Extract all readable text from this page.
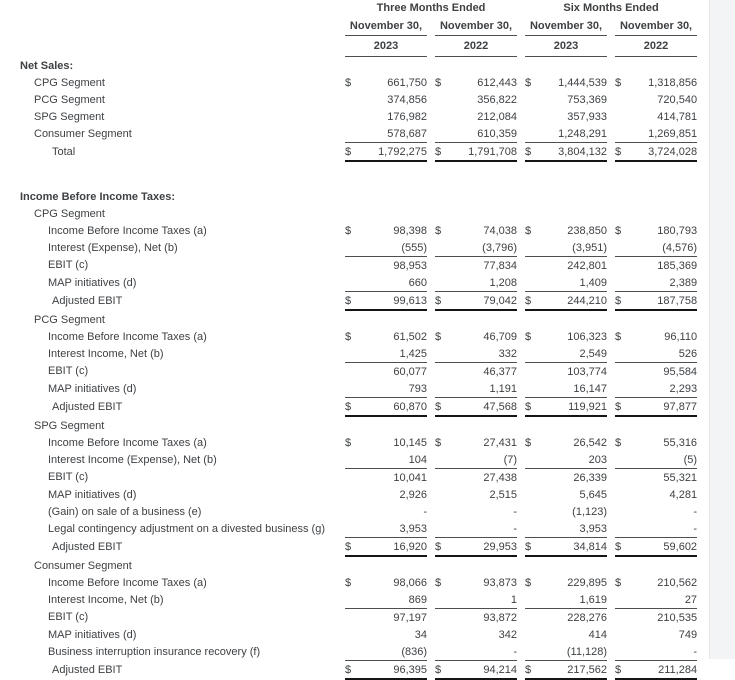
	Three Months Ended						Six Months Ended				
	November 30,			November 30,			November 30,			November 30,	
	2023			2022			2023			2022	
Net Sales:											
CPG Segment	$	661,750		$	612,443		$	1,444,539		$	1,318,856
PCG Segment		374,856			356,822			753,369			720,540
SPG Segment		176,982			212,084			357,933			414,781
Consumer Segment		578,687			610,359			1,248,291			1,269,851
Total	$	1,792,275		$	1,791,708		$	3,804,132		$	3,724,028

Income Before Income Taxes:											
CPG Segment											
Income Before Income Taxes (a)	$	98,398		$	74,038		$	238,850		$	180,793
Interest (Expense), Net (b)		(555)			(3,796)			(3,951)			(4,576)
EBIT (c)		98,953			77,834			242,801			185,369
MAP initiatives (d)		660			1,208			1,409			2,389
Adjusted EBIT	$	99,613		$	79,042		$	244,210		$	187,758
PCG Segment											
Income Before Income Taxes (a)	$	61,502		$	46,709		$	106,323		$	96,110
Interest Income, Net (b)		1,425			332			2,549			526
EBIT (c)		60,077			46,377			103,774			95,584
MAP initiatives (d)		793			1,191			16,147			2,293
Adjusted EBIT	$	60,870		$	47,568		$	119,921		$	97,877
SPG Segment											
Income Before Income Taxes (a)	$	10,145		$	27,431		$	26,542		$	55,316
Interest Income (Expense), Net (b)		104			(7)			203			(5)
EBIT (c)		10,041			27,438			26,339			55,321
MAP initiatives (d)		2,926			2,515			5,645			4,281
(Gain) on sale of a business (e)		-			-			(1,123)			-
Legal contingency adjustment on a divested business (g)		3,953			-			3,953			-
Adjusted EBIT	$	16,920		$	29,953		$	34,814		$	59,602
Consumer Segment											
Income Before Income Taxes (a)	$	98,066		$	93,873		$	229,895		$	210,562
Interest Income, Net (b)		869			1			1,619			27
EBIT (c)		97,197			93,872			228,276			210,535
MAP initiatives (d)		34			342			414			749
Business interruption insurance recovery (f)		(836)			-			(11,128)			-
Adjusted EBIT	$	96,395		$	94,214		$	217,562		$	211,284
